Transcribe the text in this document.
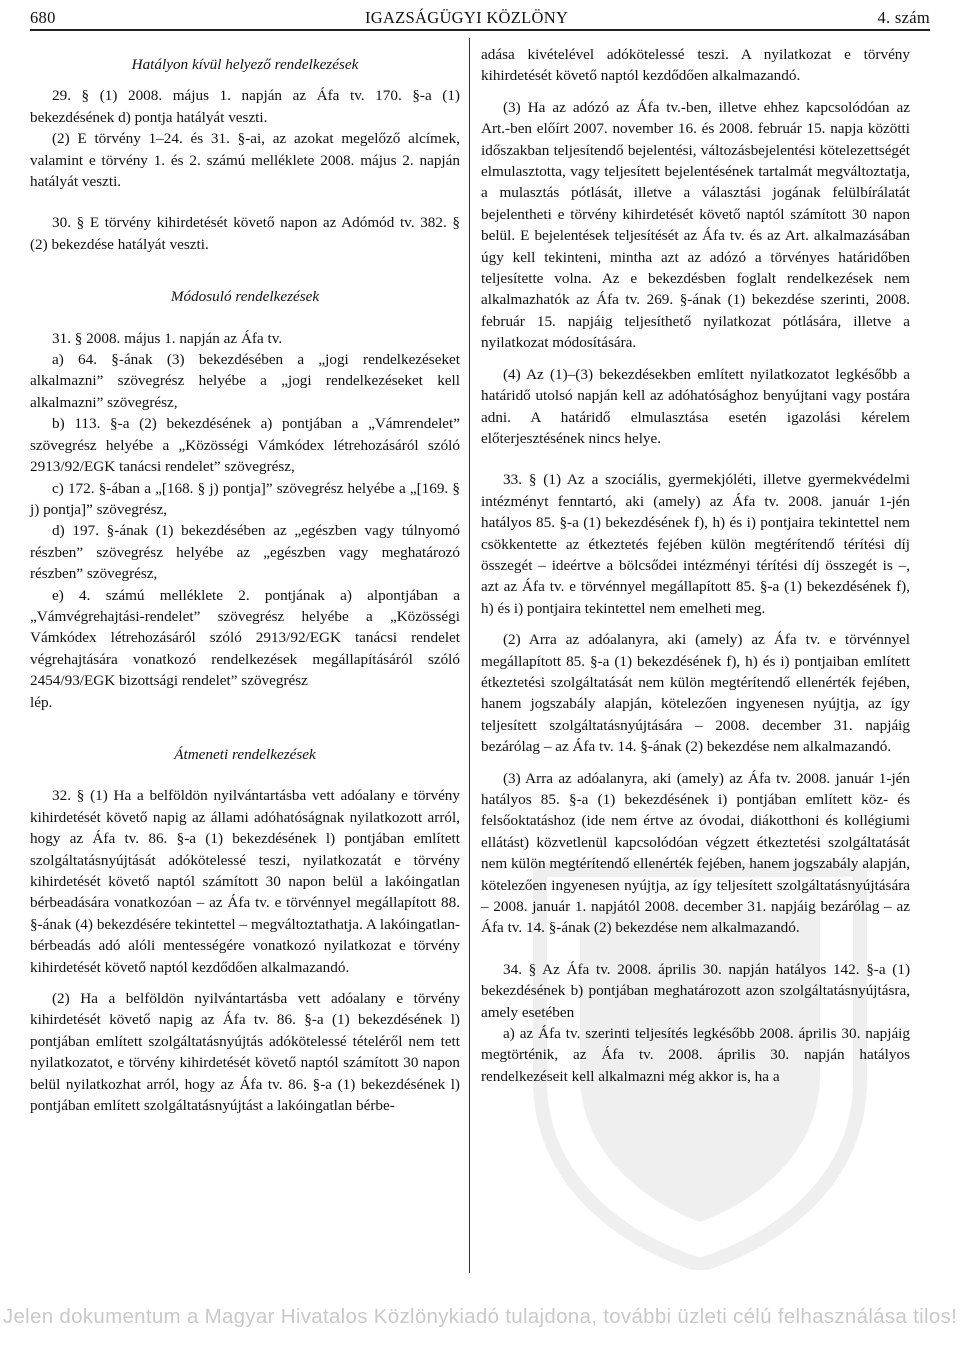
680	IGAZSÁGÜGYI KÖZLÖNY	4. szám

Hatályon kívül helyező rendelkezések

29. § (1) 2008. május 1. napján az Áfa tv. 170. §-a (1) bekezdésének d) pontja hatályát veszti.

(2) E törvény 1–24. és 31. §-ai, az azokat megelőző alcímek, valamint e törvény 1. és 2. számú melléklete 2008. május 2. napján hatályát veszti.

30. § E törvény kihirdetését követő napon az Adómód tv. 382. § (2) bekezdése hatályát veszti.

Módosuló rendelkezések

31. § 2008. május 1. napján az Áfa tv.

a) 64. §-ának (3) bekezdésében a „jogi rendelkezéseket alkalmazni” szövegrész helyébe a „jogi rendelkezéseket kell alkalmazni” szövegrész,

b) 113. §-a (2) bekezdésének a) pontjában a „Vámrendelet” szövegrész helyébe a „Közösségi Vámkódex létrehozásáról szóló 2913/92/EGK tanácsi rendelet” szövegrész,

c) 172. §-ában a „[168. § j) pontja]” szövegrész helyébe a „[169. § j) pontja]” szövegrész,

d) 197. §-ának (1) bekezdésében az „egészben vagy túlnyomó részben” szövegrész helyébe az „egészben vagy meghatározó részben” szövegrész,

e) 4. számú melléklete 2. pontjának a) alpontjában a „Vámvégrehajtási-rendelet” szövegrész helyébe a „Közösségi Vámkódex létrehozásáról szóló 2913/92/EGK tanácsi rendelet végrehajtására vonatkozó rendelkezések megállapításáról szóló 2454/93/EGK bizottsági rendelet” szövegrész

lép.

Átmeneti rendelkezések

32. § (1) Ha a belföldön nyilvántartásba vett adóalany e törvény kihirdetését követő napig az állami adóhatóságnak nyilatkozott arról, hogy az Áfa tv. 86. §-a (1) bekezdésének l) pontjában említett szolgáltatásnyújtását adókötelessé teszi, nyilatkozatát e törvény kihirdetését követő naptól számított 30 napon belül a lakóingatlan bérbeadására vonatkozóan – az Áfa tv. e törvénnyel megállapított 88. §-ának (4) bekezdésére tekintettel – megváltoztathatja. A lakóingatlan-bérbeadás adó alóli mentességére vonatkozó nyilatkozat e törvény kihirdetését követő naptól kezdődően alkalmazandó.

(2) Ha a belföldön nyilvántartásba vett adóalany e törvény kihirdetését követő napig az Áfa tv. 86. §-a (1) bekezdésének l) pontjában említett szolgáltatásnyújtás adókötelessé tételéről nem tett nyilatkozatot, e törvény kihirdetését követő naptól számított 30 napon belül nyilatkozhat arról, hogy az Áfa tv. 86. §-a (1) bekezdésének l) pontjában említett szolgáltatásnyújtást a lakóingatlan bérbe-

adása kivételével adókötelessé teszi. A nyilatkozat e törvény kihirdetését követő naptól kezdődően alkalmazandó.

(3) Ha az adózó az Áfa tv.-ben, illetve ehhez kapcsolódóan az Art.-ben előírt 2007. november 16. és 2008. február 15. napja közötti időszakban teljesítendő bejelentési, változásbejelentési kötelezettségét elmulasztotta, vagy teljesített bejelentésének tartalmát megváltoztatja, a mulasztás pótlását, illetve a választási jogának felülbírálatát bejelentheti e törvény kihirdetését követő naptól számított 30 napon belül. E bejelentések teljesítését az Áfa tv. és az Art. alkalmazásában úgy kell tekinteni, mintha azt az adózó a törvényes határidőben teljesítette volna. Az e bekezdésben foglalt rendelkezések nem alkalmazhatók az Áfa tv. 269. §-ának (1) bekezdése szerinti, 2008. február 15. napjáig teljesíthető nyilatkozat pótlására, illetve a nyilatkozat módosítására.

(4) Az (1)–(3) bekezdésekben említett nyilatkozatot legkésőbb a határidő utolsó napján kell az adóhatósághoz benyújtani vagy postára adni. A határidő elmulasztása esetén igazolási kérelem előterjesztésének nincs helye.

33. § (1) Az a szociális, gyermekjóléti, illetve gyermekvédelmi intézményt fenntartó, aki (amely) az Áfa tv. 2008. január 1-jén hatályos 85. §-a (1) bekezdésének f), h) és i) pontjaira tekintettel nem csökkentette az étkeztetés fejében külön megtérítendő térítési díj összegét – ideértve a bölcsődei intézményi térítési díj összegét is –, azt az Áfa tv. e törvénnyel megállapított 85. §-a (1) bekezdésének f), h) és i) pontjaira tekintettel nem emelheti meg.

(2) Arra az adóalanyra, aki (amely) az Áfa tv. e törvénnyel megállapított 85. §-a (1) bekezdésének f), h) és i) pontjaiban említett étkeztetési szolgáltatását nem külön megtérítendő ellenérték fejében, hanem jogszabály alapján, kötelezően ingyenesen nyújtja, az így teljesített szolgáltatásnyújtására – 2008. december 31. napjáig bezárólag – az Áfa tv. 14. §-ának (2) bekezdése nem alkalmazandó.

(3) Arra az adóalanyra, aki (amely) az Áfa tv. 2008. január 1-jén hatályos 85. §-a (1) bekezdésének i) pontjában említett köz- és felsőoktatáshoz (ide nem értve az óvodai, diákotthoni és kollégiumi ellátást) közvetlenül kapcsolódóan végzett étkeztetési szolgáltatását nem külön megtérítendő ellenérték fejében, hanem jogszabály alapján, kötelezően ingyenesen nyújtja, az így teljesített szolgáltatásnyújtására – 2008. január 1. napjától 2008. december 31. napjáig bezárólag – az Áfa tv. 14. §-ának (2) bekezdése nem alkalmazandó.

34. § Az Áfa tv. 2008. április 30. napján hatályos 142. §-a (1) bekezdésének b) pontjában meghatározott azon szolgáltatásnyújtásra, amely esetében

a) az Áfa tv. szerinti teljesítés legkésőbb 2008. április 30. napjáig megtörténik, az Áfa tv. 2008. április 30. napján hatályos rendelkezéseit kell alkalmazni még akkor is, ha a

Jelen dokumentum a Magyar Hivatalos Közlönykiadó tulajdona, további üzleti célú felhasználása tilos!
